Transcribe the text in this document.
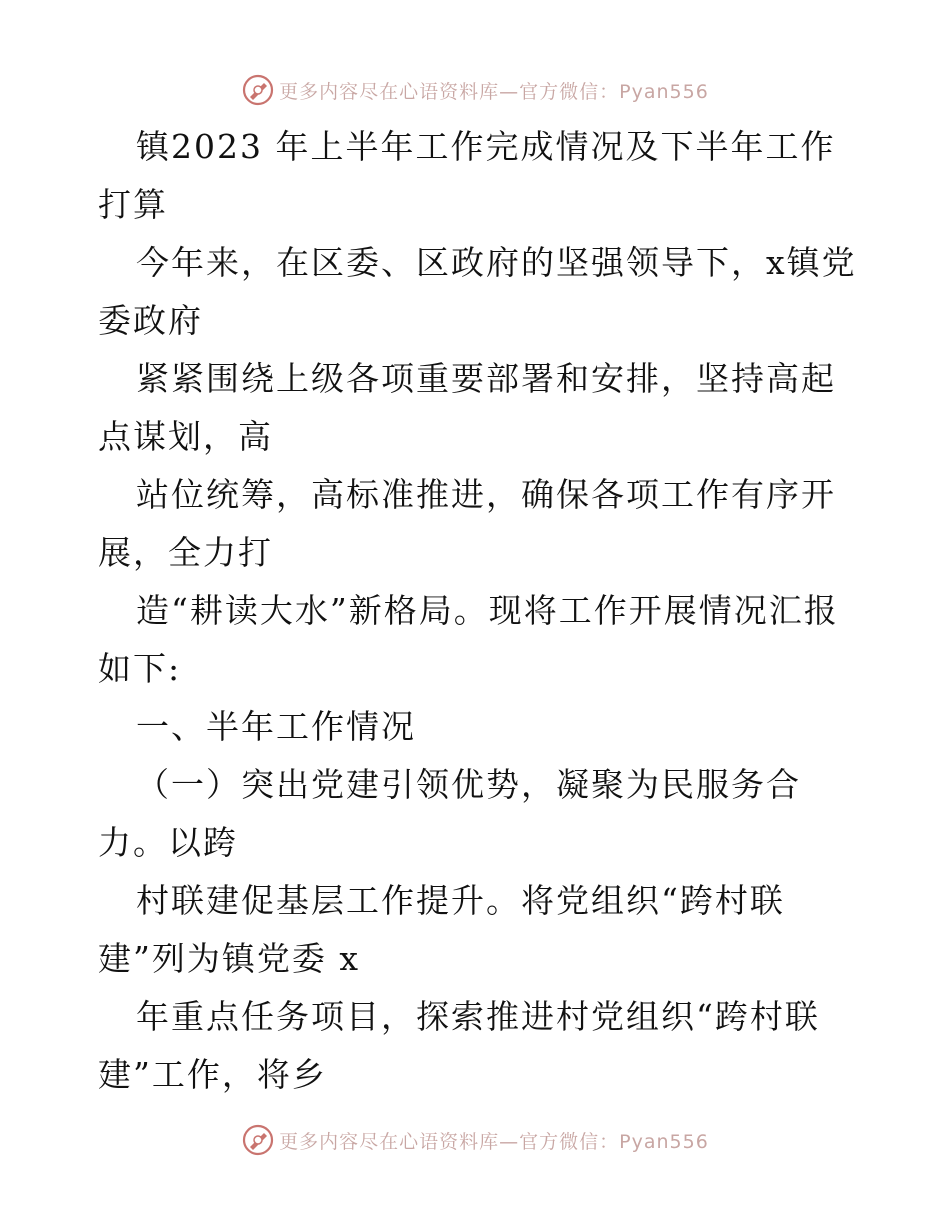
更多内容尽在心语资料库—官方微信：Pyan556

镇2023 年上半年工作完成情况及下半年工作打算

今年来，在区委、区政府的坚强领导下，x镇党委政府

紧紧围绕上级各项重要部署和安排，坚持高起点谋划，高

站位统筹，高标准推进，确保各项工作有序开展，全力打

造“耕读大水”新格局。现将工作开展情况汇报如下:

一、半年工作情况

（一）突出党建引领优势，凝聚为民服务合力。以跨

村联建促基层工作提升。将党组织“跨村联建”列为镇党委 x

年重点任务项目，探索推进村党组织“跨村联建”工作，将乡

更多内容尽在心语资料库—官方微信：Pyan556
